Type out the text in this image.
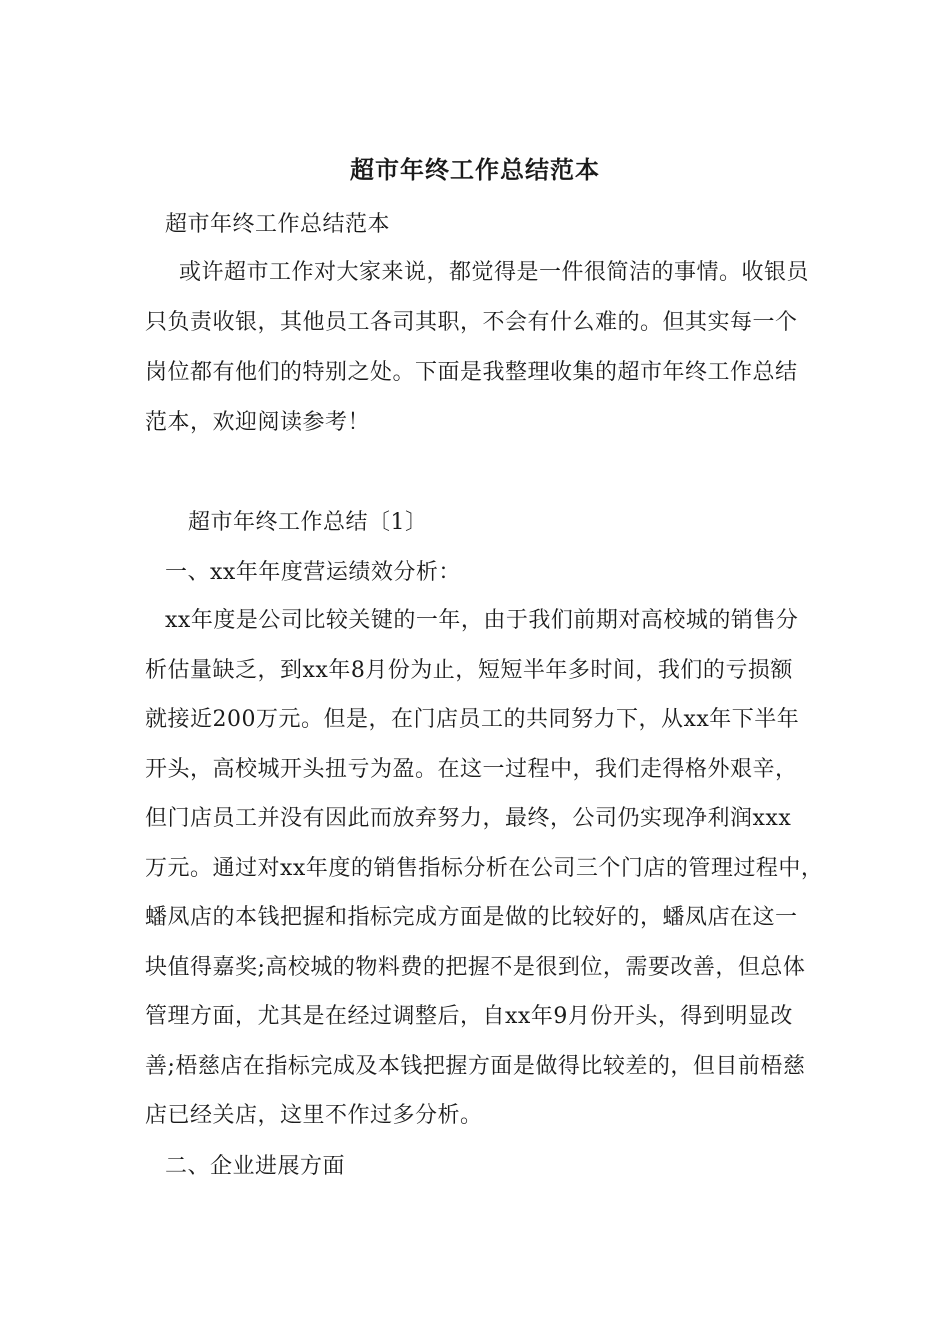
超市年终工作总结范本
超市年终工作总结范本
或许超市工作对大家来说，都觉得是一件很简洁的事情。收银员
只负责收银，其他员工各司其职，不会有什么难的。但其实每一个
岗位都有他们的特别之处。下面是我整理收集的超市年终工作总结
范本，欢迎阅读参考！
超市年终工作总结〔1〕
一、xx年年度营运绩效分析：
xx年度是公司比较关键的一年，由于我们前期对高校城的销售分
析估量缺乏，到xx年8月份为止，短短半年多时间，我们的亏损额
就接近200万元。但是，在门店员工的共同努力下，从xx年下半年
开头，高校城开头扭亏为盈。在这一过程中，我们走得格外艰辛，
但门店员工并没有因此而放弃努力，最终，公司仍实现净利润xxx
万元。通过对xx年度的销售指标分析在公司三个门店的管理过程中，
蟠凤店的本钱把握和指标完成方面是做的比较好的，蟠凤店在这一
块值得嘉奖;高校城的物料费的把握不是很到位，需要改善，但总体
管理方面，尤其是在经过调整后，自xx年9月份开头，得到明显改
善;梧慈店在指标完成及本钱把握方面是做得比较差的，但目前梧慈
店已经关店，这里不作过多分析。
二、企业进展方面
